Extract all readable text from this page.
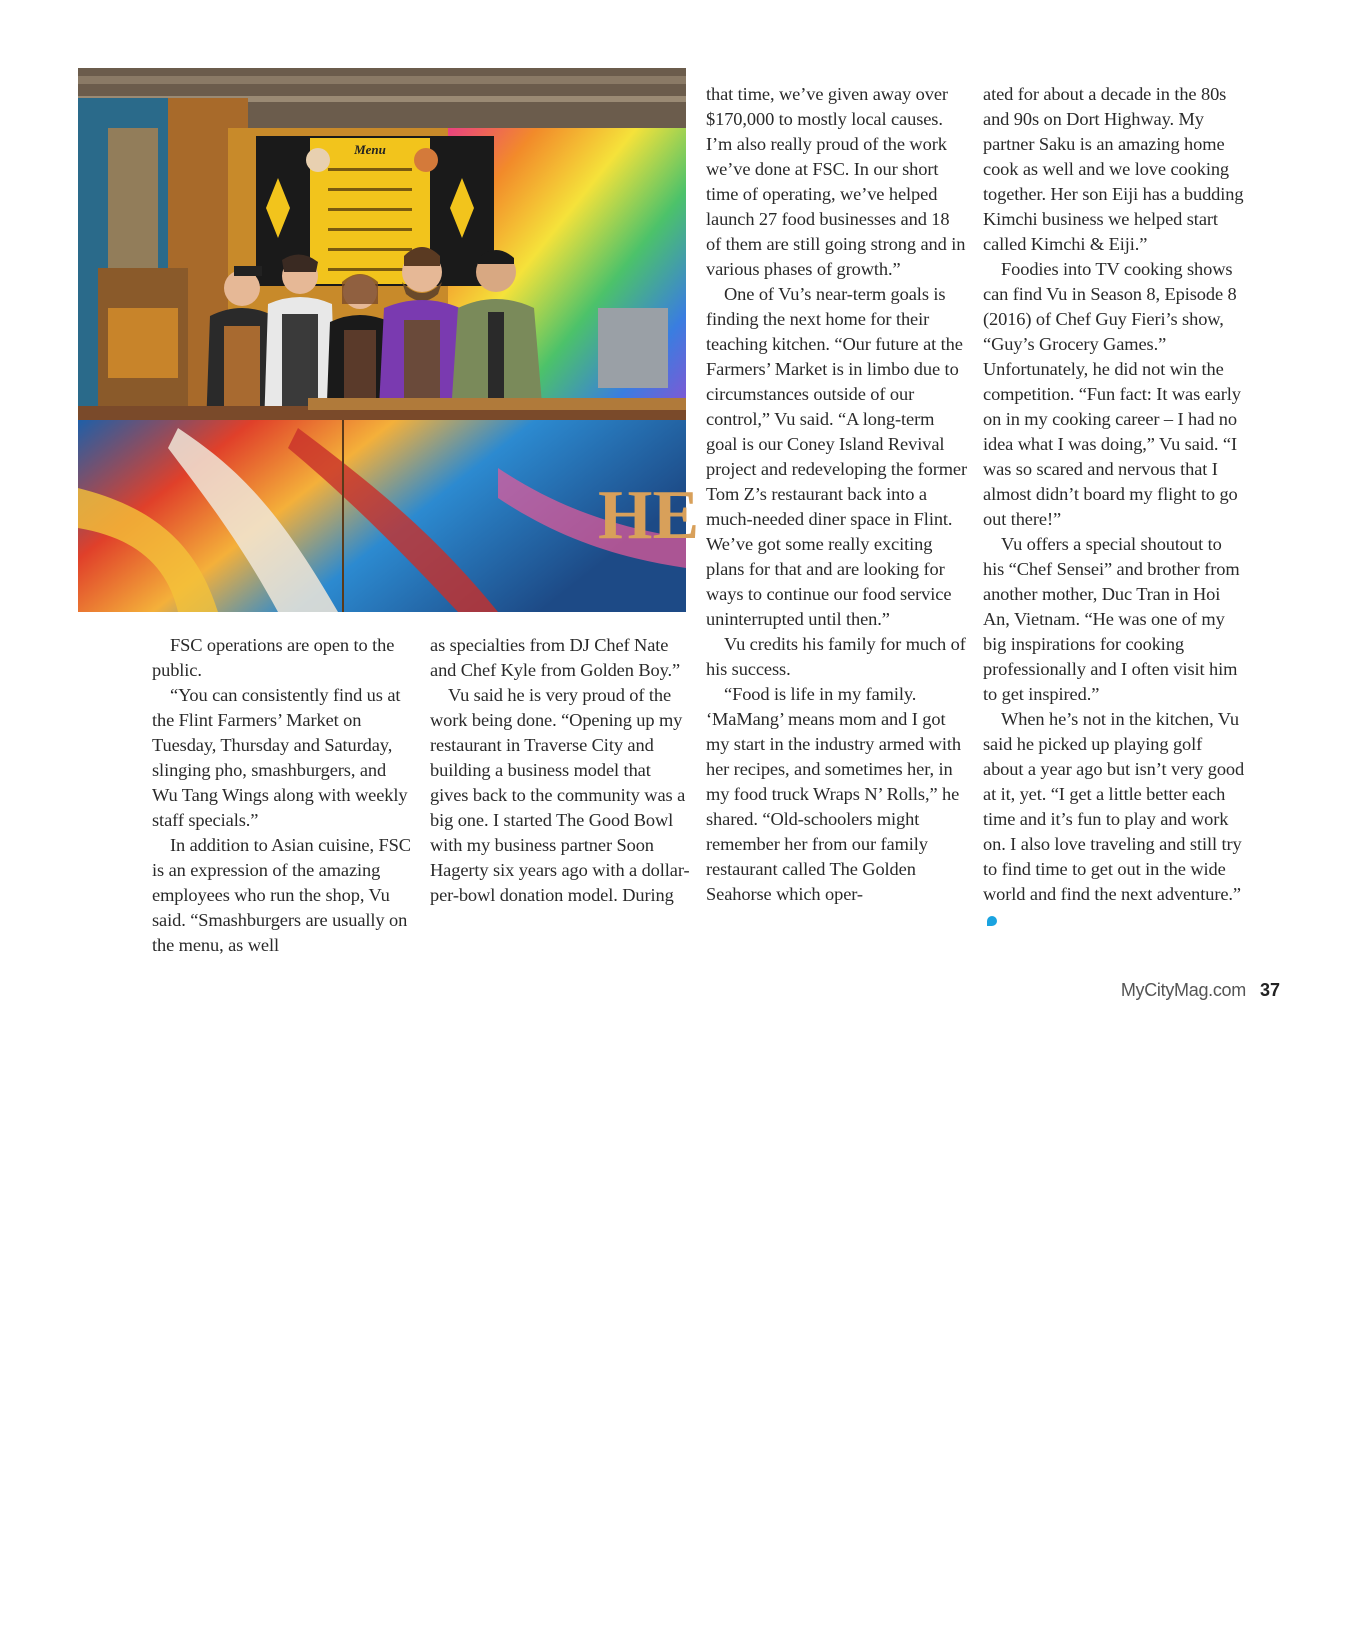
Menu
HE

FSC operations are open to the public.

“You can consistently find us at the Flint Farmers’ Market on Tuesday, Thursday and Saturday, slinging pho, smashburgers, and Wu Tang Wings along with weekly staff specials.”

In addition to Asian cuisine, FSC is an expression of the amazing employees who run the shop, Vu said. “Smashburgers are usually on the menu, as well

as specialties from DJ Chef Nate and Chef Kyle from Golden Boy.”

Vu said he is very proud of the work being done. “Opening up my restaurant in Traverse City and building a business model that gives back to the community was a big one. I started The Good Bowl with my business partner Soon Hagerty six years ago with a dollar-per-bowl donation model. During

that time, we’ve given away over $170,000 to mostly local causes. I’m also really proud of the work we’ve done at FSC. In our short time of operating, we’ve helped launch 27 food businesses and 18 of them are still going strong and in various phases of growth.”

One of Vu’s near-term goals is finding the next home for their teaching kitchen. “Our future at the Farmers’ Market is in limbo due to circumstances outside of our control,” Vu said. “A long-term goal is our Coney Island Revival project and redeveloping the former Tom Z’s restaurant back into a much-needed diner space in Flint. We’ve got some really exciting plans for that and are looking for ways to continue our food service uninterrupted until then.”

Vu credits his family for much of his success.

“Food is life in my family. ‘MaMang’ means mom and I got my start in the industry armed with her recipes, and sometimes her, in my food truck Wraps N’ Rolls,” he shared. “Old-schoolers might remember her from our family restaurant called The Golden Seahorse which oper-

ated for about a decade in the 80s and 90s on Dort Highway. My partner Saku is an amazing home cook as well and we love cooking together. Her son Eiji has a budding Kimchi business we helped start called Kimchi & Eiji.”

Foodies into TV cooking shows can find Vu in Season 8, Episode 8 (2016) of Chef Guy Fieri’s show, “Guy’s Grocery Games.” Unfortunately, he did not win the competition. “Fun fact: It was early on in my cooking career – I had no idea what I was doing,” Vu said. “I was so scared and nervous that I almost didn’t board my flight to go out there!”

Vu offers a special shoutout to his “Chef Sensei” and brother from another mother, Duc Tran in Hoi An, Vietnam. “He was one of my big inspirations for cooking professionally and I often visit him to get inspired.”

When he’s not in the kitchen, Vu said he picked up playing golf about a year ago but isn’t very good at it, yet. “I get a little better each time and it’s fun to play and work on. I also love traveling and still try to find time to get out in the wide world and find the next adventure.”

MyCityMag.com 37
